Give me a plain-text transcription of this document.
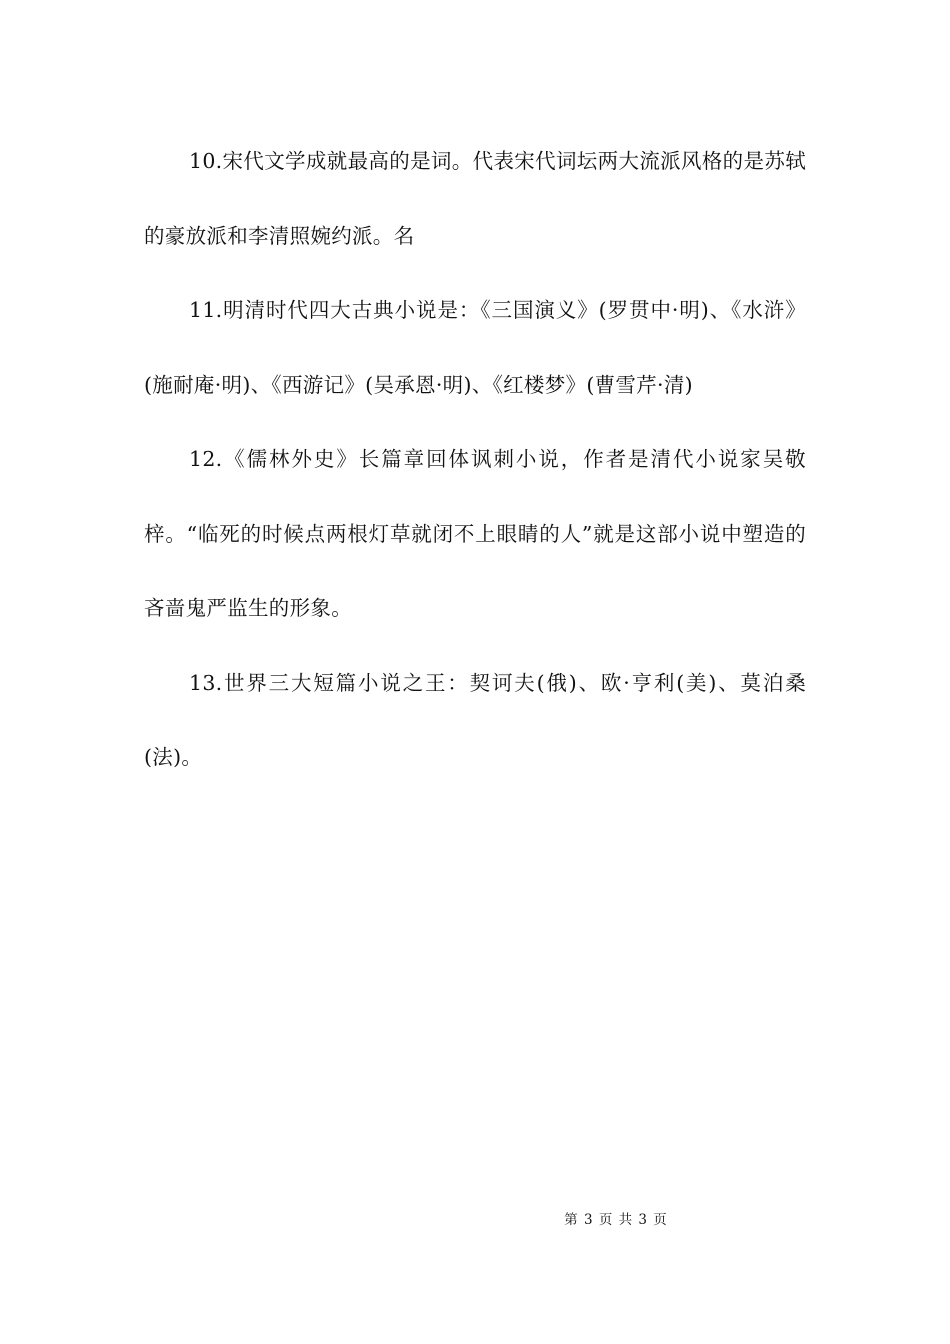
10.宋代文学成就最高的是词。代表宋代词坛两大流派风格的是苏轼的豪放派和李清照婉约派。名

11.明清时代四大古典小说是：《三国演义》(罗贯中·明)、《水浒》(施耐庵·明)、《西游记》(吴承恩·明)、《红楼梦》(曹雪芹·清)

12.《儒林外史》长篇章回体讽刺小说，作者是清代小说家吴敬梓。“临死的时候点两根灯草就闭不上眼睛的人”就是这部小说中塑造的吝啬鬼严监生的形象。

13.世界三大短篇小说之王：契诃夫(俄)、欧·亨利(美)、莫泊桑(法)。

第 3 页 共 3 页
